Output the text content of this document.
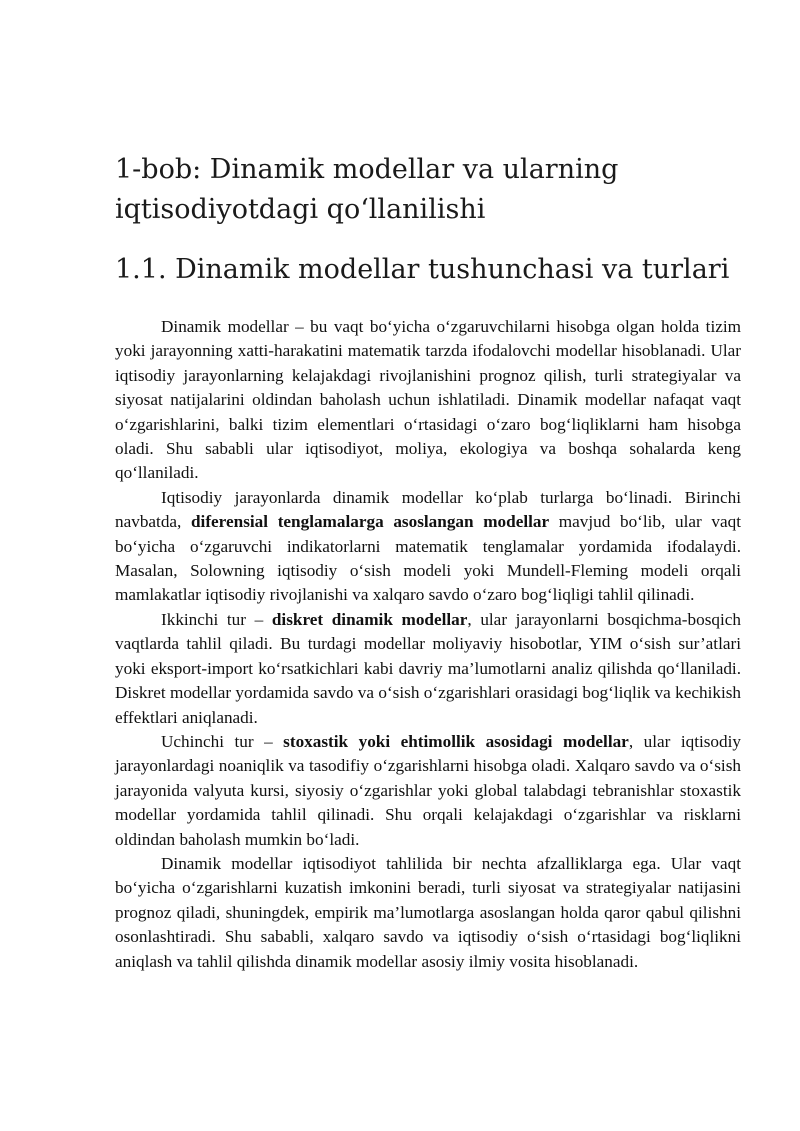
1-bob: Dinamik modellar va ularning
iqtisodiyotdagi qo‘llanilishi
1.1. Dinamik modellar tushunchasi va turlari

Dinamik modellar – bu vaqt bo‘yicha o‘zgaruvchilarni hisobga olgan holda tizim yoki jarayonning xatti-harakatini matematik tarzda ifodalovchi modellar hisoblanadi. Ular iqtisodiy jarayonlarning kelajakdagi rivojlanishini prognoz qilish, turli strategiyalar va siyosat natijalarini oldindan baholash uchun ishlatiladi. Dinamik modellar nafaqat vaqt o‘zgarishlarini, balki tizim elementlari o‘rtasidagi o‘zaro bog‘liqliklarni ham hisobga oladi. Shu sababli ular iqtisodiyot, moliya, ekologiya va boshqa sohalarda keng qo‘llaniladi.

Iqtisodiy jarayonlarda dinamik modellar ko‘plab turlarga bo‘linadi. Birinchi navbatda, diferensial tenglamalarga asoslangan modellar mavjud bo‘lib, ular vaqt bo‘yicha o‘zgaruvchi indikatorlarni matematik tenglamalar yordamida ifodalaydi. Masalan, Solowning iqtisodiy o‘sish modeli yoki Mundell-Fleming modeli orqali mamlakatlar iqtisodiy rivojlanishi va xalqaro savdo o‘zaro bog‘liqligi tahlil qilinadi.

Ikkinchi tur – diskret dinamik modellar, ular jarayonlarni bosqichma-bosqich vaqtlarda tahlil qiladi. Bu turdagi modellar moliyaviy hisobotlar, YIM o‘sish sur’atlari yoki eksport-import ko‘rsatkichlari kabi davriy ma’lumotlarni analiz qilishda qo‘llaniladi. Diskret modellar yordamida savdo va o‘sish o‘zgarishlari orasidagi bog‘liqlik va kechikish effektlari aniqlanadi.

Uchinchi tur – stoxastik yoki ehtimollik asosidagi modellar, ular iqtisodiy jarayonlardagi noaniqlik va tasodifiy o‘zgarishlarni hisobga oladi. Xalqaro savdo va o‘sish jarayonida valyuta kursi, siyosiy o‘zgarishlar yoki global talabdagi tebranishlar stoxastik modellar yordamida tahlil qilinadi. Shu orqali kelajakdagi o‘zgarishlar va risklarni oldindan baholash mumkin bo‘ladi.

Dinamik modellar iqtisodiyot tahlilida bir nechta afzalliklarga ega. Ular vaqt bo‘yicha o‘zgarishlarni kuzatish imkonini beradi, turli siyosat va strategiyalar natijasini prognoz qiladi, shuningdek, empirik ma’lumotlarga asoslangan holda qaror qabul qilishni osonlashtiradi. Shu sababli, xalqaro savdo va iqtisodiy o‘sish o‘rtasidagi bog‘liqlikni aniqlash va tahlil qilishda dinamik modellar asosiy ilmiy vosita hisoblanadi.
